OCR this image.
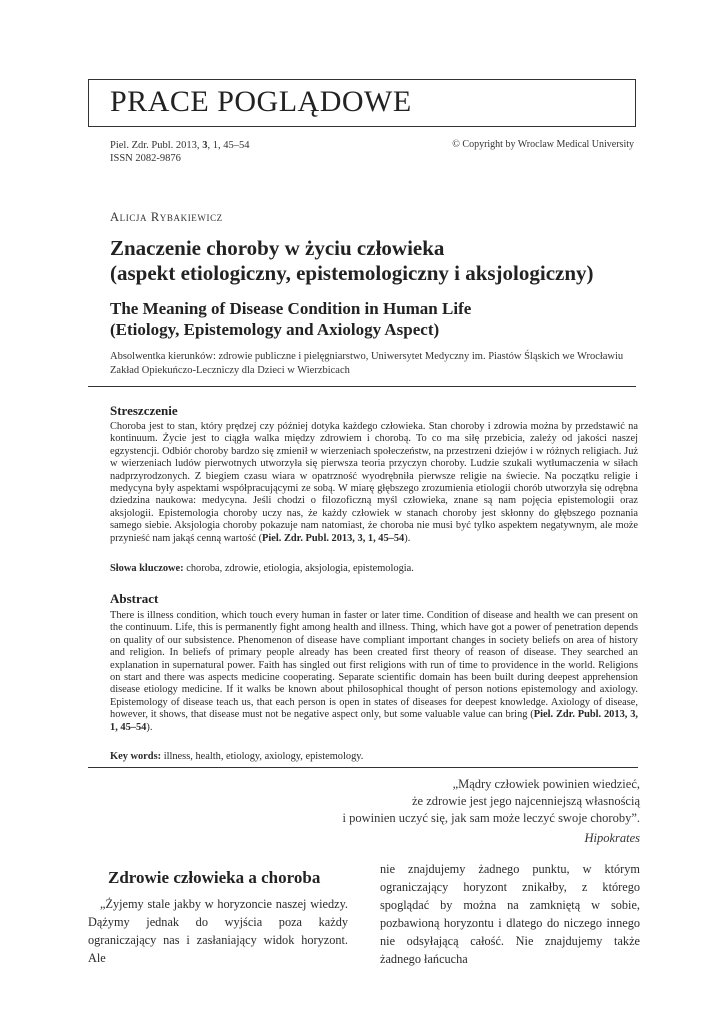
PRACE POGLĄDOWE
Piel. Zdr. Publ. 2013, 3, 1, 45–54
ISSN 2082-9876
© Copyright by Wroclaw Medical University
Alicja Rybakiewicz
Znaczenie choroby w życiu człowieka
(aspekt etiologiczny, epistemologiczny i aksjologiczny)
The Meaning of Disease Condition in Human Life
(Etiology, Epistemology and Axiology Aspect)
Absolwentka kierunków: zdrowie publiczne i pielęgniarstwo, Uniwersytet Medyczny im. Piastów Śląskich we Wrocławiu
Zakład Opiekuńczo-Leczniczy dla Dzieci w Wierzbicach
Streszczenie
Choroba jest to stan, który prędzej czy później dotyka każdego człowieka. Stan choroby i zdrowia można by przedstawić na kontinuum. Życie jest to ciągła walka między zdrowiem i chorobą. To co ma siłę przebicia, zależy od jakości naszej egzystencji. Odbiór choroby bardzo się zmienił w wierzeniach społeczeństw, na przestrzeni dziejów i w różnych religiach. Już w wierzeniach ludów pierwotnych utworzyła się pierwsza teoria przyczyn choroby. Ludzie szukali wytłumaczenia w siłach nadprzyrodzonych. Z biegiem czasu wiara w opatrzność wyodrębniła pierwsze religie na świecie. Na początku religie i medycyna były aspektami współpracującymi ze sobą. W miarę głębszego zrozumienia etiologii chorób utworzyła się odrębna dziedzina naukowa: medycyna. Jeśli chodzi o filozoficzną myśl człowieka, znane są nam pojęcia epistemologii oraz aksjologii. Epistemologia choroby uczy nas, że każdy człowiek w stanach choroby jest skłonny do głębszego poznania samego siebie. Aksjologia choroby pokazuje nam natomiast, że choroba nie musi być tylko aspektem negatywnym, ale może przynieść nam jakąś cenną wartość (Piel. Zdr. Publ. 2013, 3, 1, 45–54).
Słowa kluczowe: choroba, zdrowie, etiologia, aksjologia, epistemologia.
Abstract
There is illness condition, which touch every human in faster or later time. Condition of disease and health we can present on the continuum. Life, this is permanently fight among health and illness. Thing, which have got a power of penetration depends on quality of our subsistence. Phenomenon of disease have compliant important changes in society beliefs on area of history and religion. In beliefs of primary people already has been created first theory of reason of disease. They searched an explanation in supernatural power. Faith has singled out first religions with run of time to providence in the world. Religions on start and there was aspects medicine cooperating. Separate scientific domain has been built during deepest apprehension disease etiology medicine. If it walks be known about philosophical thought of person notions epistemology and axiology. Epistemology of disease teach us, that each person is open in states of diseases for deepest knowledge. Axiology of disease, however, it shows, that disease must not be negative aspect only, but some valuable value can bring (Piel. Zdr. Publ. 2013, 3, 1, 45–54).
Key words: illness, health, etiology, axiology, epistemology.
„Mądry człowiek powinien wiedzieć,
że zdrowie jest jego najcenniejszą własnością
i powinien uczyć się, jak sam może leczyć swoje choroby”.
Hipokrates
Zdrowie człowieka a choroba
„Żyjemy stale jakby w horyzoncie naszej wiedzy. Dążymy jednak do wyjścia poza każdy ograniczający nas i zasłaniający widok horyzont. Ale
nie znajdujemy żadnego punktu, w którym ograniczający horyzont znikałby, z którego spoglądać by można na zamkniętą w sobie, pozbawioną horyzontu i dlatego do niczego innego nie odsyłającą całość. Nie znajdujemy także żadnego łańcucha
